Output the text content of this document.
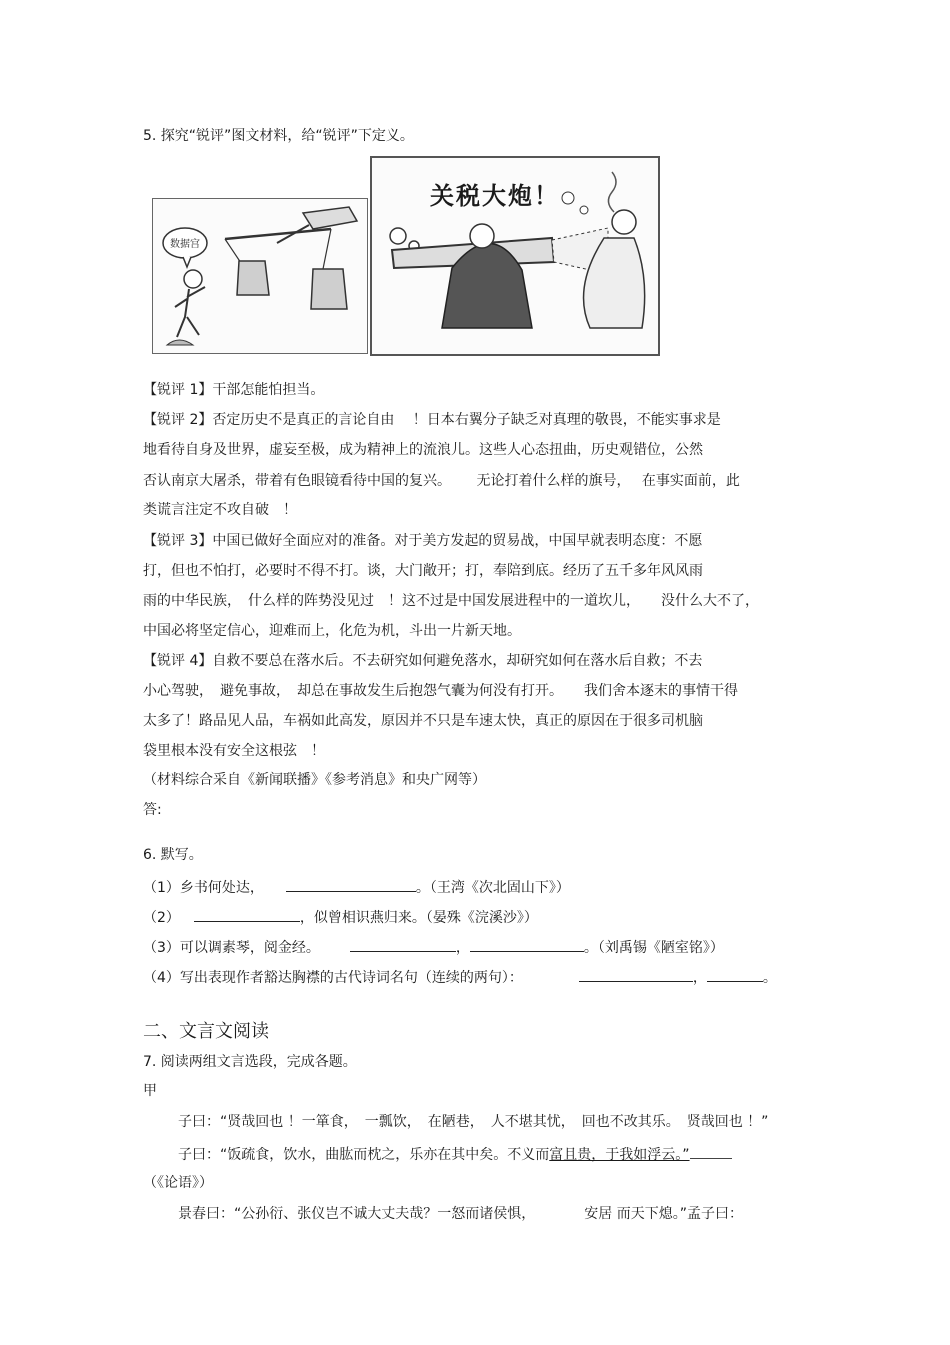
5. 探究“锐评”图文材料，给“锐评”下定义。
数据宫
关税大炮！
【锐评 1】干部怎能怕担当。
【锐评 2】否定历史不是真正的言论自由　 ！日本右翼分子缺乏对真理的敬畏，不能实事求是
地看待自身及世界，虚妄至极，成为精神上的流浪儿。这些人心态扭曲，历史观错位，公然
否认南京大屠杀，带着有色眼镜看待中国的复兴。　　 无论打着什么样的旗号，　 在事实面前，此
类谎言注定不攻自破　！
【锐评 3】中国已做好全面应对的准备。对于美方发起的贸易战，中国早就表明态度：不愿
打，但也不怕打，必要时不得不打。谈，大门敞开；打，奉陪到底。经历了五千多年风风雨
雨的中华民族，　什么样的阵势没见过　！这不过是中国发展进程中的一道坎儿，　　没什么大不了，
中国必将坚定信心，迎难而上，化危为机，斗出一片新天地。
【锐评 4】自救不要总在落水后。不去研究如何避免落水，却研究如何在落水后自救；不去
小心驾驶，　避免事故，　却总在事故发生后抱怨气囊为何没有打开。　　我们舍本逐末的事情干得
太多了！路品见人品，车祸如此高发，原因并不只是车速太快，真正的原因在于很多司机脑
袋里根本没有安全这根弦　！
（材料综合采自《新闻联播》《参考消息》和央广网等）
答:
6. 默写。
（1）乡书何处达，	。（王湾《次北固山下》）
（2）	，似曾相识燕归来。（晏殊《浣溪沙》）
（3）可以调素琴，阅金经。	，	。（刘禹锡《陋室铭》）
（4）写出表现作者豁达胸襟的古代诗词名句（连续的两句）：	，	。
二、文言文阅读
7. 阅读两组文言选段，完成各题。
甲
子曰：“贤哉回也 ！一箪食，　一瓢饮，　在陋巷，　人不堪其忧，　回也不改其乐。　贤哉回也 ！”
子曰：“饭疏食，饮水，曲肱而枕之，乐亦在其中矣。不义而富且贵，于我如浮云。”
（《论语》）
景春曰：“公孙衍、张仪岂不诚大丈夫哉？一怒而诸侯惧，　　　　安居 而天下熄。”孟子曰：
